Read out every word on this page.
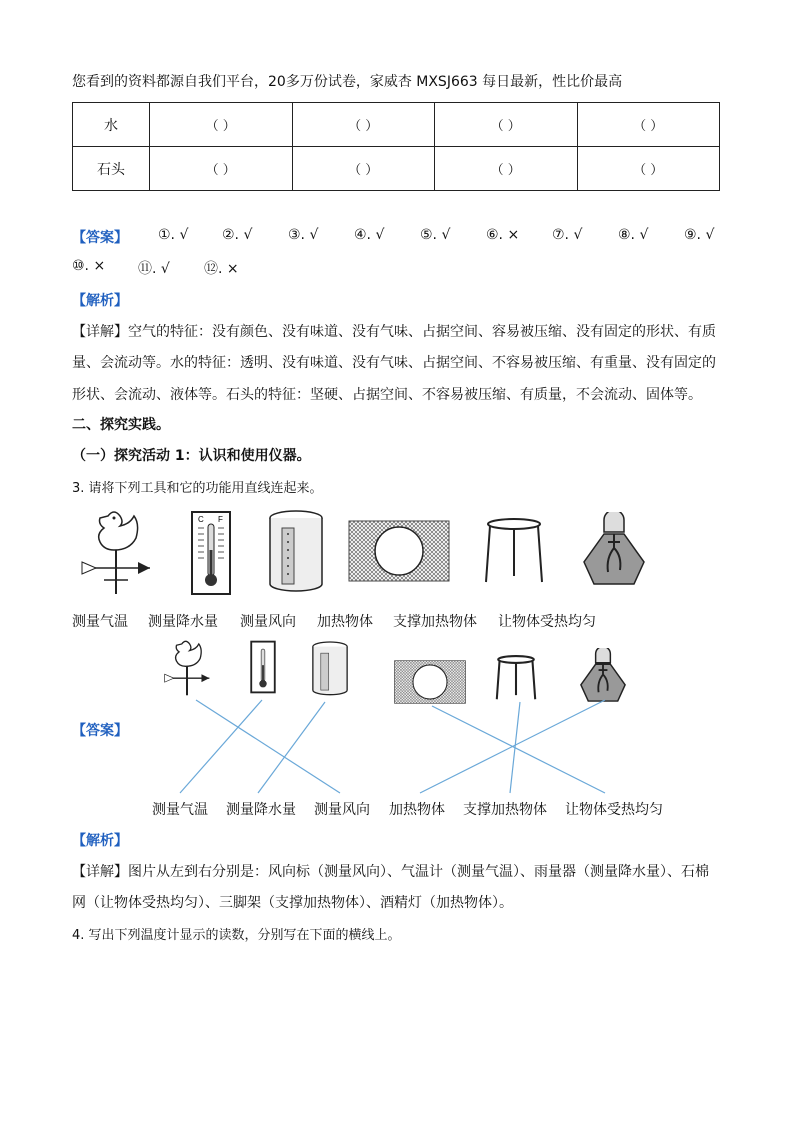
您看到的资料都源自我们平台，20多万份试卷，家威杏 MXSJ663 每日最新，性比价最高
水	（ ）	（ ）	（ ）	（ ）
石头	（ ）	（ ）	（ ）	（ ）
【答案】 ①. √ ②. √	③. √	④. √	⑤. √	⑥. × ⑦. √	⑧. √	⑨. √
⑩. × ⑪. √ ⑫. ×
【解析】
【详解】空气的特征：没有颜色、没有味道、没有气味、占据空间、容易被压缩、没有固定的形状、有质
量、会流动等。水的特征：透明、没有味道、没有气味、占据空间、不容易被压缩、有重量、没有固定的
形状、会流动、液体等。石头的特征：坚硬、占据空间、不容易被压缩、有质量，不会流动、固体等。
二、探究实践。
（一）探究活动 1：认识和使用仪器。
3. 请将下列工具和它的功能用直线连起来。
C F
测量气温 测量降水量 测量风向 加热物体 支撑加热物体 让物体受热均匀
【答案】
测量气温 测量降水量 测量风向 加热物体 支撑加热物体 让物体受热均匀
【解析】
【详解】图片从左到右分别是：风向标（测量风向）、气温计（测量气温）、雨量器（测量降水量）、石棉
网（让物体受热均匀）、三脚架（支撑加热物体）、酒精灯（加热物体）。
4. 写出下列温度计显示的读数，分别写在下面的横线上。
